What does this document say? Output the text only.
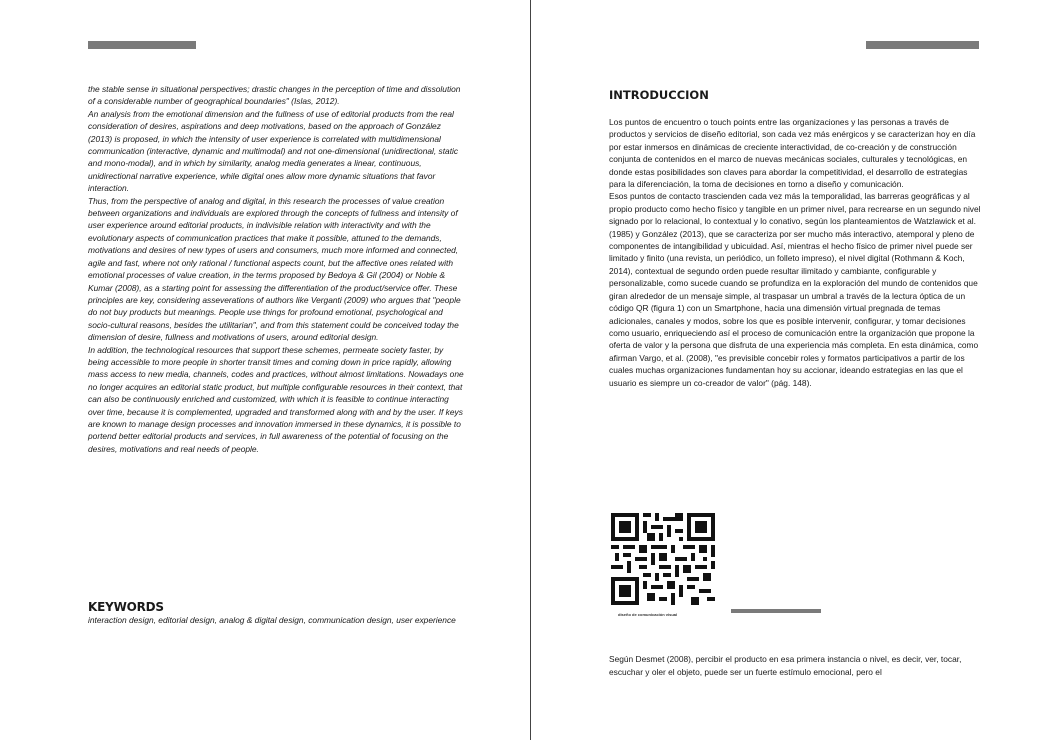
the stable sense in situational perspectives; drastic changes in the perception of time and dissolution of a considerable number of geographical boundaries" (Islas, 2012).

An analysis from the emotional dimension and the fullness of use of editorial products from the real consideration of desires, aspirations and deep motivations, based on the approach of González (2013) is proposed, in which the intensity of user experience is correlated with multidimensional communication (interactive, dynamic and multimodal) and not one-dimensional (unidirectional, static and mono-modal), and in which by similarity, analog media generates a linear, continuous, unidirectional narrative experience, while digital ones allow more dynamic situations that favor interaction.

Thus, from the perspective of analog and digital, in this research the processes of value creation between organizations and individuals are explored through the concepts of fullness and intensity of user experience around editorial products, in indivisible relation with interactivity and with the evolutionary aspects of communication practices that make it possible, attuned to the demands, motivations and desires of new types of users and consumers, much more informed and connected, agile and fast, where not only rational / functional aspects count, but the affective ones related with emotional processes of value creation, in the terms proposed by Bedoya & Gil (2004) or Noble & Kumar (2008), as a starting point for assessing the differentiation of the product/service offer. These principles are key, considering asseverations of authors like Verganti (2009) who argues that "people do not buy products but meanings. People use things for profound emotional, psychological and socio-cultural reasons, besides the utilitarian", and from this statement could be conceived today the dimension of desire, fullness and motivations of users, around editorial design.

In addition, the technological resources that support these schemes, permeate society faster, by being accessible to more people in shorter transit times and coming down in price rapidly, allowing mass access to new media, channels, codes and practices, without almost limitations. Nowadays one no longer acquires an editorial static product, but multiple configurable resources in their context, that can also be continuously enriched and customized, with which it is feasible to continue interacting over time, because it is complemented, upgraded and transformed along with and by the user. If keys are known to manage design processes and innovation immersed in these dynamics, it is possible to portend better editorial products and services, in full awareness of the potential of focusing on the desires, motivations and real needs of people.

KEYWORDS
interaction design, editorial design, analog & digital design, communication design, user experience
INTRODUCCION

Los puntos de encuentro o touch points entre las organizaciones y las personas a través de productos y servicios de diseño editorial, son cada vez más enérgicos y se caracterizan hoy en día por estar inmersos en dinámicas de creciente interactividad, de co-creación y de construcción conjunta de contenidos en el marco de nuevas mecánicas sociales, culturales y tecnológicas, en donde estas posibilidades son claves para abordar la competitividad, el desarrollo de estrategias para la diferenciación, la toma de decisiones en torno a diseño y comunicación.

Esos puntos de contacto trascienden cada vez más la temporalidad, las barreras geográficas y al propio producto como hecho físico y tangible en un primer nivel, para recrearse en un segundo nivel signado por lo relacional, lo contextual y lo conativo, según los planteamientos de Watzlawick et al. (1985) y González (2013), que se caracteriza por ser mucho más interactivo, atemporal y pleno de componentes de intangibilidad y ubicuidad. Así, mientras el hecho físico de primer nivel puede ser limitado y finito (una revista, un periódico, un folleto impreso), el nivel digital (Rothmann & Koch, 2014), contextual de segundo orden puede resultar ilimitado y cambiante, configurable y personalizable, como sucede cuando se profundiza en la exploración del mundo de contenidos que giran alrededor de un mensaje simple, al traspasar un umbral a través de la lectura óptica de un código QR (figura 1) con un Smartphone, hacia una dimensión virtual pregnada de temas adicionales, canales y modos, sobre los que es posible intervenir, configurar, y tomar decisiones como usuario, enriqueciendo así el proceso de comunicación entre la organización que propone la oferta de valor y la persona que disfruta de una experiencia más completa. En esta dinámica, como afirman Vargo, et al. (2008), "es previsible concebir roles y formatos participativos a partir de los cuales muchas organizaciones fundamentan hoy su accionar, ideando estrategias en las que el usuario es siempre un co-creador de valor" (pág. 148).

diseño de comunicación visual

Según Desmet (2008), percibir el producto en esa primera instancia o nivel, es decir, ver, tocar, escuchar y oler el objeto, puede ser un fuerte estímulo emocional, pero el
